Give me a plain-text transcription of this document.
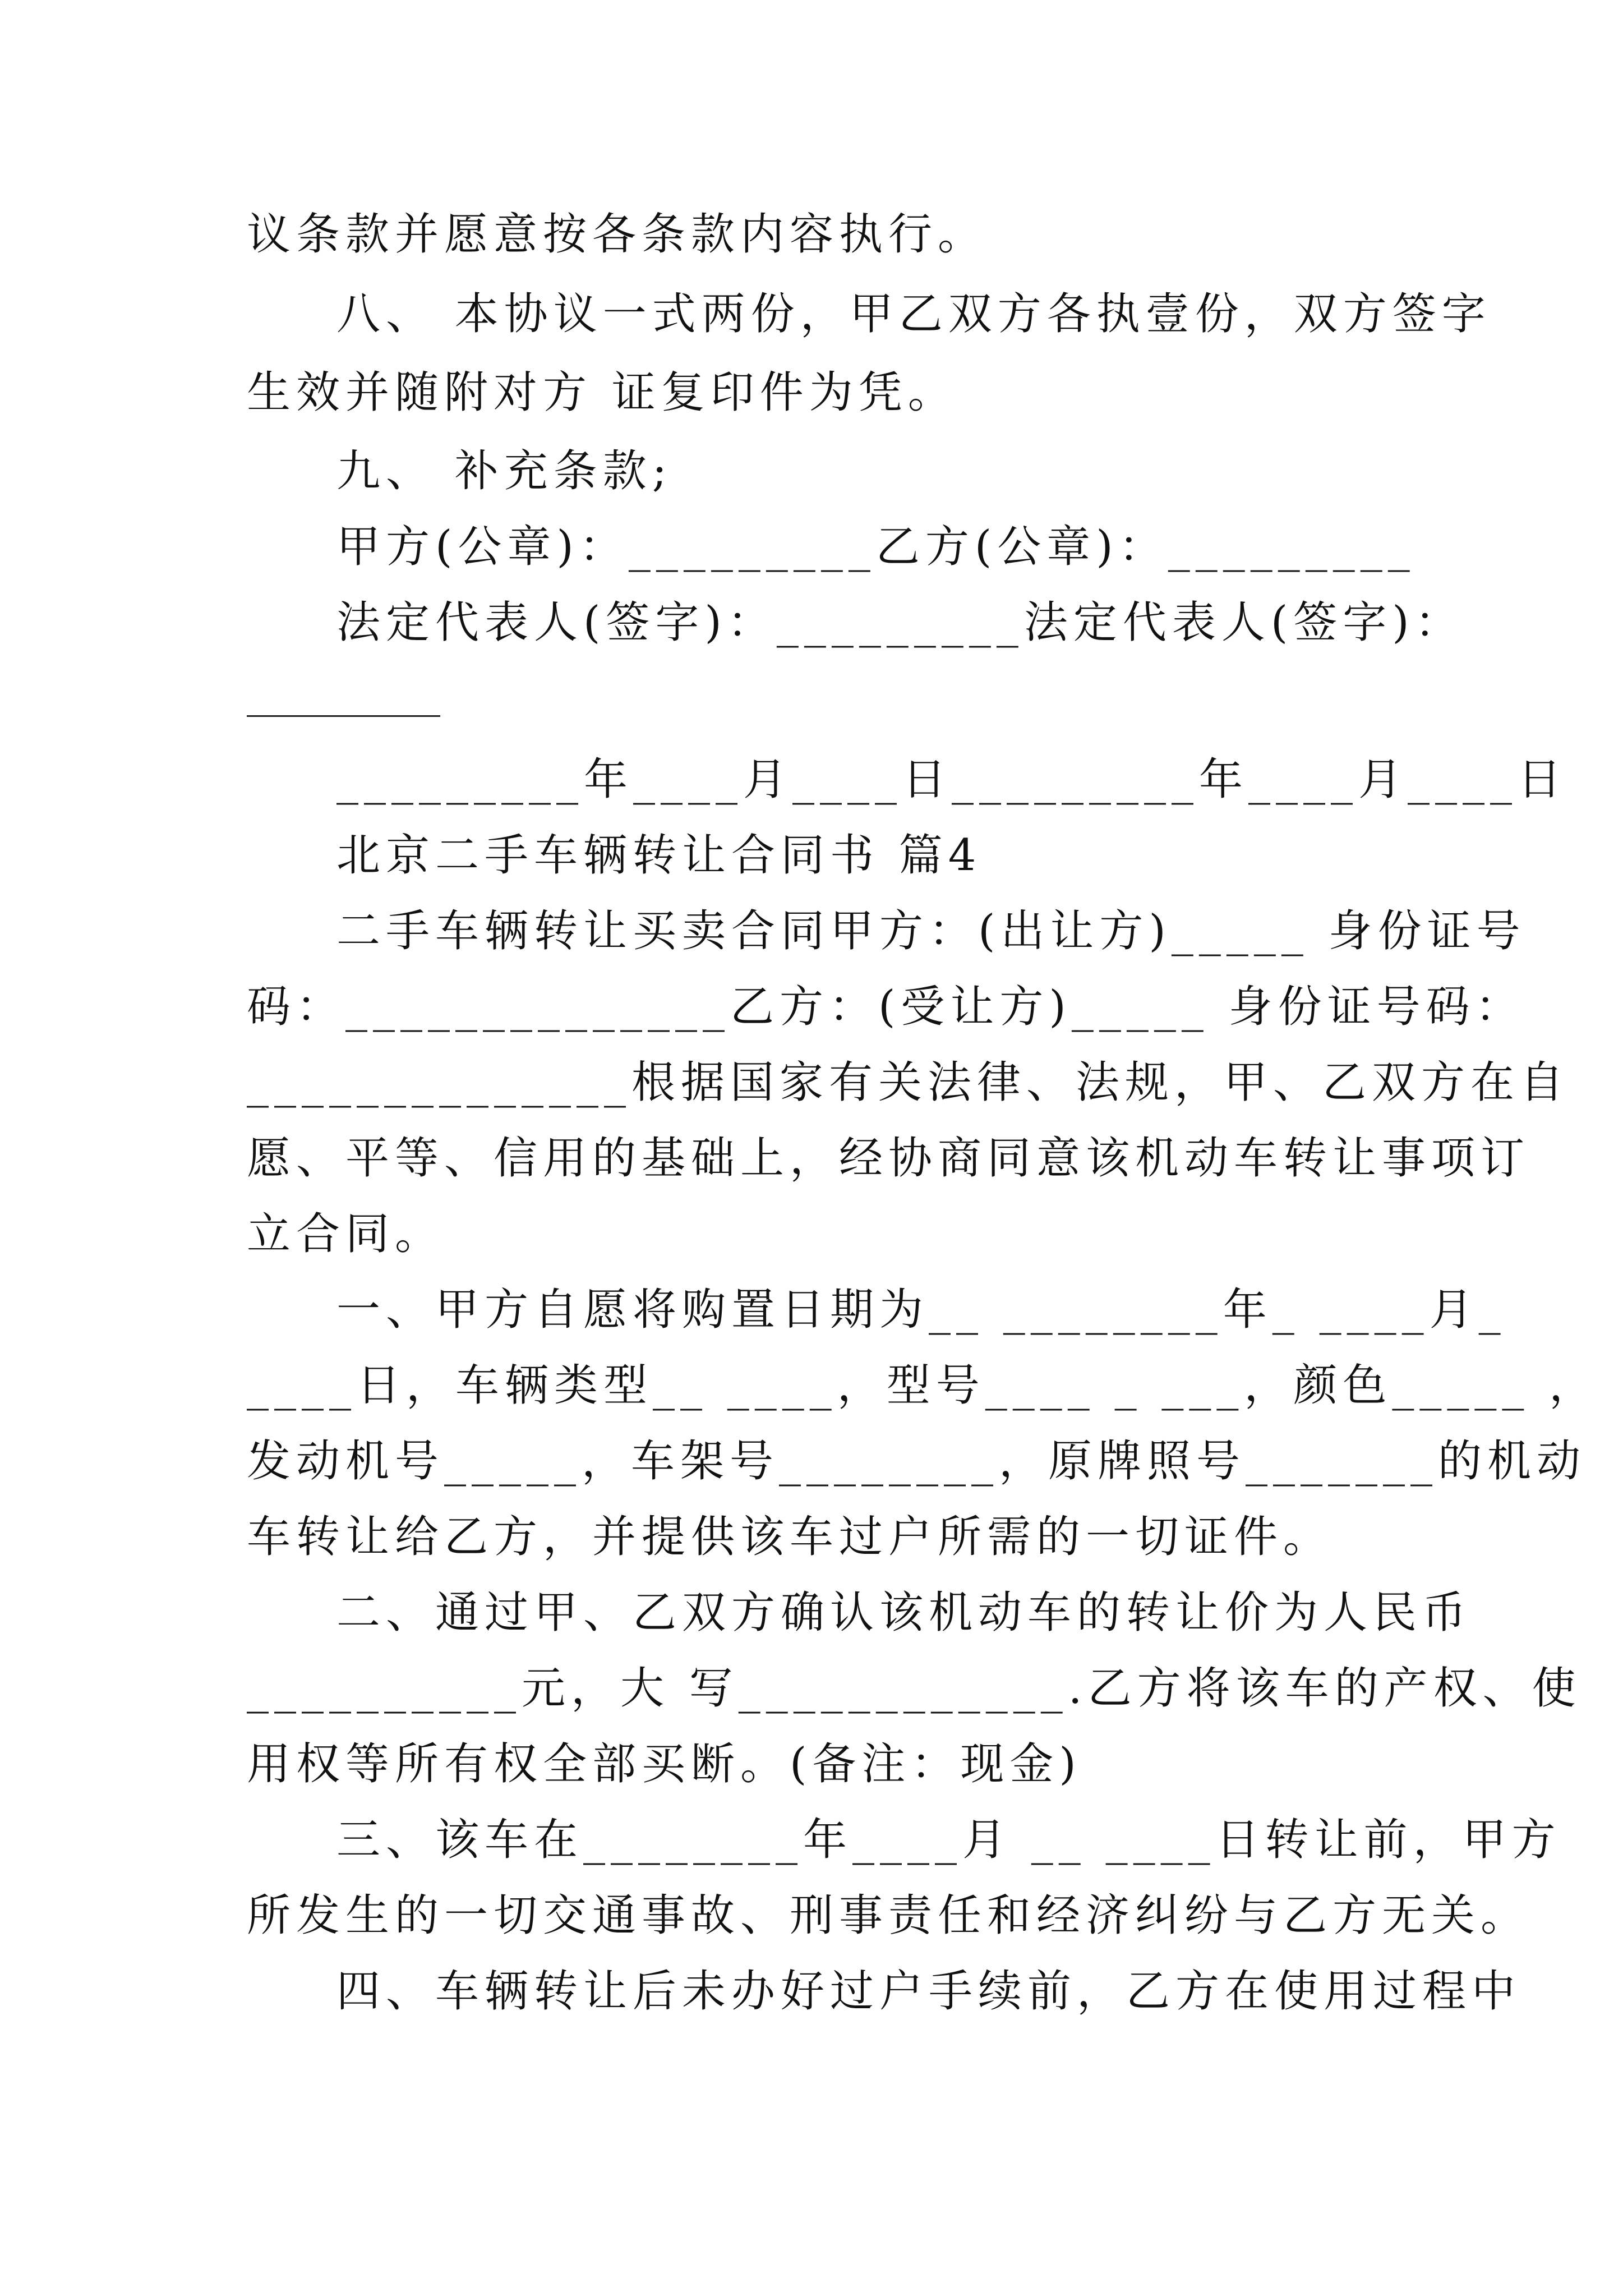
议条款并愿意按各条款内容执行。
八、 本协议一式两份，甲乙双方各执壹份，双方签字
生效并随附对方 证复印件为凭。
九、 补充条款;
甲方(公章)：_________乙方(公章)：_________
法定代表人(签字)：_________法定代表人(签字)：
_________年____月____日_________年____月____日
北京二手车辆转让合同书 篇4
二手车辆转让买卖合同甲方：(出让方)_____ 身份证号
码：______________乙方：(受让方)_____ 身份证号码：
______________根据国家有关法律、法规，甲、乙双方在自
愿、平等、信用的基础上，经协商同意该机动车转让事项订
立合同。
一、甲方自愿将购置日期为__ ________年_ ____月_
____日，车辆类型__ ____，型号____ _ ___，颜色_____ ，
发动机号_____，车架号________，原牌照号_______的机动
车转让给乙方，并提供该车过户所需的一切证件。
二、通过甲、乙双方确认该机动车的转让价为人民币
__________元，大 写____________.乙方将该车的产权、使
用权等所有权全部买断。(备注：现金)
三、该车在________年____月 __ ____日转让前，甲方
所发生的一切交通事故、刑事责任和经济纠纷与乙方无关。
四、车辆转让后未办好过户手续前，乙方在使用过程中
